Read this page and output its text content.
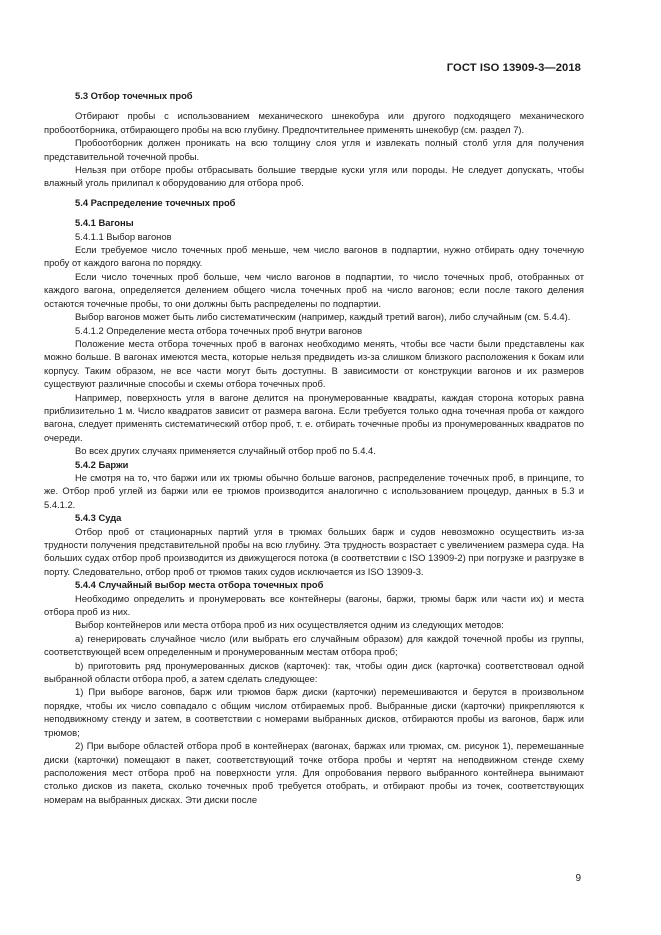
ГОСТ ISO 13909-3—2018

5.3 Отбор точечных проб

Отбирают пробы с использованием механического шнекобура или другого подходящего механического пробоотборника, отбирающего пробы на всю глубину. Предпочтительнее применять шнекобур (см. раздел 7).

Пробоотборник должен проникать на всю толщину слоя угля и извлекать полный столб угля для получения представительной точечной пробы.

Нельзя при отборе пробы отбрасывать большие твердые куски угля или породы. Не следует допускать, чтобы влажный уголь прилипал к оборудованию для отбора проб.

5.4 Распределение точечных проб

5.4.1 Вагоны

5.4.1.1 Выбор вагонов

Если требуемое число точечных проб меньше, чем число вагонов в подпартии, нужно отбирать одну точечную пробу от каждого вагона по порядку.

Если число точечных проб больше, чем число вагонов в подпартии, то число точечных проб, отобранных от каждого вагона, определяется делением общего числа точечных проб на число вагонов; если после такого деления остаются точечные пробы, то они должны быть распределены по подпартии.

Выбор вагонов может быть либо систематическим (например, каждый третий вагон), либо случайным (см. 5.4.4).

5.4.1.2 Определение места отбора точечных проб внутри вагонов

Положение места отбора точечных проб в вагонах необходимо менять, чтобы все части были представлены как можно больше. В вагонах имеются места, которые нельзя предвидеть из-за слишком близкого расположения к бокам или корпусу. Таким образом, не все части могут быть доступны. В зависимости от конструкции вагонов и их размеров существуют различные способы и схемы отбора точечных проб.

Например, поверхность угля в вагоне делится на пронумерованные квадраты, каждая сторона которых равна приблизительно 1 м. Число квадратов зависит от размера вагона. Если требуется только одна точечная проба от каждого вагона, следует применять систематический отбор проб, т. е. отбирать точечные пробы из пронумерованных квадратов по очереди.

Во всех других случаях применяется случайный отбор проб по 5.4.4.

5.4.2 Баржи

Не смотря на то, что баржи или их трюмы обычно больше вагонов, распределение точечных проб, в принципе, то же. Отбор проб углей из баржи или ее трюмов производится аналогично с использованием процедур, данных в 5.3 и 5.4.1.2.

5.4.3 Суда

Отбор проб от стационарных партий угля в трюмах больших барж и судов невозможно осуществить из-за трудности получения представительной пробы на всю глубину. Эта трудность возрастает с увеличением размера суда. На больших судах отбор проб производится из движущегося потока (в соответствии с ISO 13909-2) при погрузке и разгрузке в порту. Следовательно, отбор проб от трюмов таких судов исключается из ISO 13909-3.

5.4.4 Случайный выбор места отбора точечных проб

Необходимо определить и пронумеровать все контейнеры (вагоны, баржи, трюмы барж или части их) и места отбора проб из них.

Выбор контейнеров или места отбора проб из них осуществляется одним из следующих методов:

a) генерировать случайное число (или выбрать его случайным образом) для каждой точечной пробы из группы, соответствующей всем определенным и пронумерованным местам отбора проб;

b) приготовить ряд пронумерованных дисков (карточек): так, чтобы один диск (карточка) соответствовал одной выбранной области отбора проб, а затем сделать следующее:

1) При выборе вагонов, барж или трюмов барж диски (карточки) перемешиваются и берутся в произвольном порядке, чтобы их число совпадало с общим числом отбираемых проб. Выбранные диски (карточки) прикрепляются к неподвижному стенду и затем, в соответствии с номерами выбранных дисков, отбираются пробы из вагонов, барж или трюмов;

2) При выборе областей отбора проб в контейнерах (вагонах, баржах или трюмах, см. рисунок 1), перемешанные диски (карточки) помещают в пакет, соответствующий точке отбора пробы и чертят на неподвижном стенде схему расположения мест отбора проб на поверхности угля. Для опробования первого выбранного контейнера вынимают столько дисков из пакета, сколько точечных проб требуется отобрать, и отбирают пробы из точек, соответствующих номерам на выбранных дисках. Эти диски после

9
